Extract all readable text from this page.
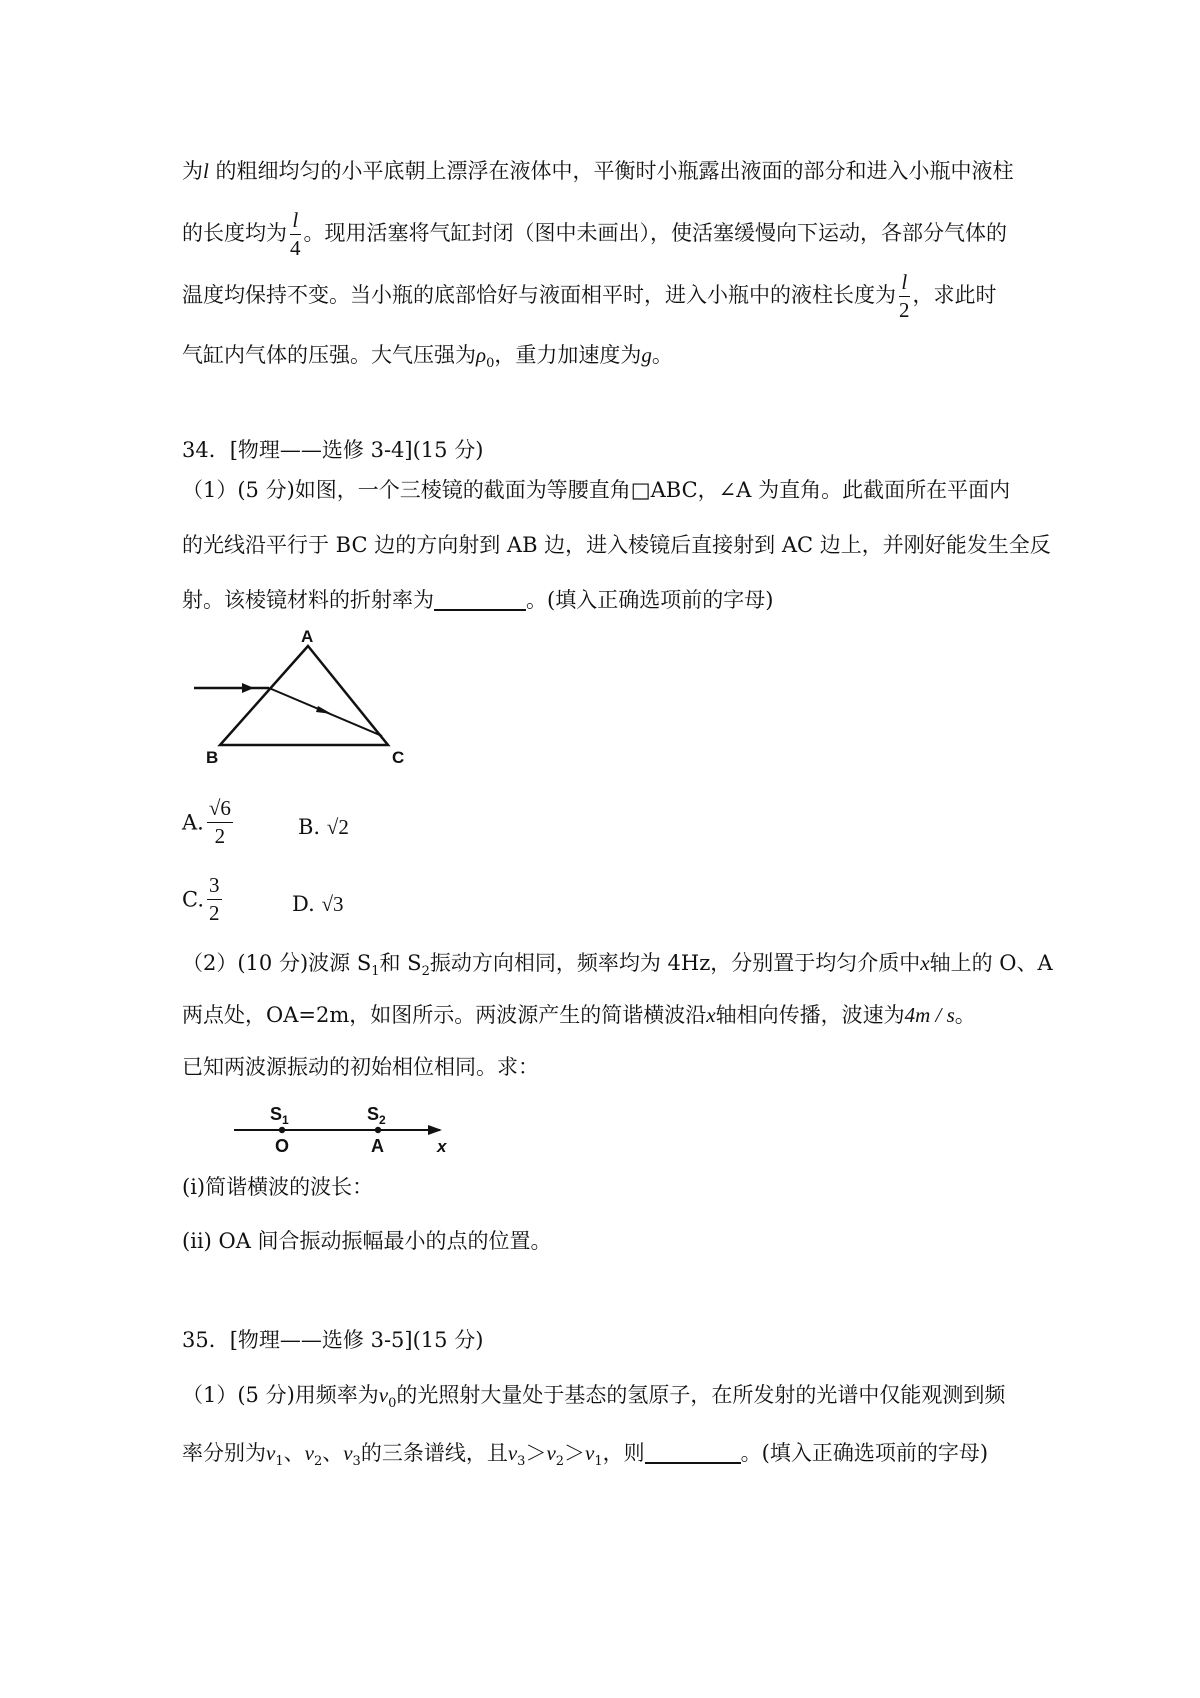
为l 的粗细均匀的小平底朝上漂浮在液体中，平衡时小瓶露出液面的部分和进入小瓶中液柱
的长度均为 $\frac{l}{4}$ 。现用活塞将气缸封闭（图中未画出），使活塞缓慢向下运动，各部分气体的
温度均保持不变。当小瓶的底部恰好与液面相平时，进入小瓶中的液柱长度为 $\frac{l}{2}$ ，求此时
气缸内气体的压强。大气压强为$\rho_0$，重力加速度为g。
34．[物理——选修 3-4](15 分)
（1）(5 分)如图，一个三棱镜的截面为等腰直角□ABC，∠A 为直角。此截面所在平面内
的光线沿平行于 BC 边的方向射到 AB 边，进入棱镜后直接射到 AC 边上，并刚好能发生全反
射。该棱镜材料的折射率为	。(填入正确选项前的字母)
A
B	C
A. $\frac{√6}{2}$	B. √2
C. $\frac{3}{2}$	D. √3
（2）(10 分)波源 $S_1$和 $S_2$振动方向相同，频率均为 4Hz，分别置于均匀介质中x轴上的 O、A
两点处，OA=2m，如图所示。两波源产生的简谐横波沿x轴相向传播，波速为4m / s。
已知两波源振动的初始相位相同。求：
$S_1$	$S_2$
O	A	x
(ⅰ)简谐横波的波长：
(ⅱ) OA 间合振动振幅最小的点的位置。
35．[物理——选修 3-5](15 分)
（1）(5 分)用频率为$v_0$的光照射大量处于基态的氢原子，在所发射的光谱中仅能观测到频
率分别为$v_1$、$v_2$、$v_3$的三条谱线，且$v_3>v_2>v_1$，则	。(填入正确选项前的字母)
